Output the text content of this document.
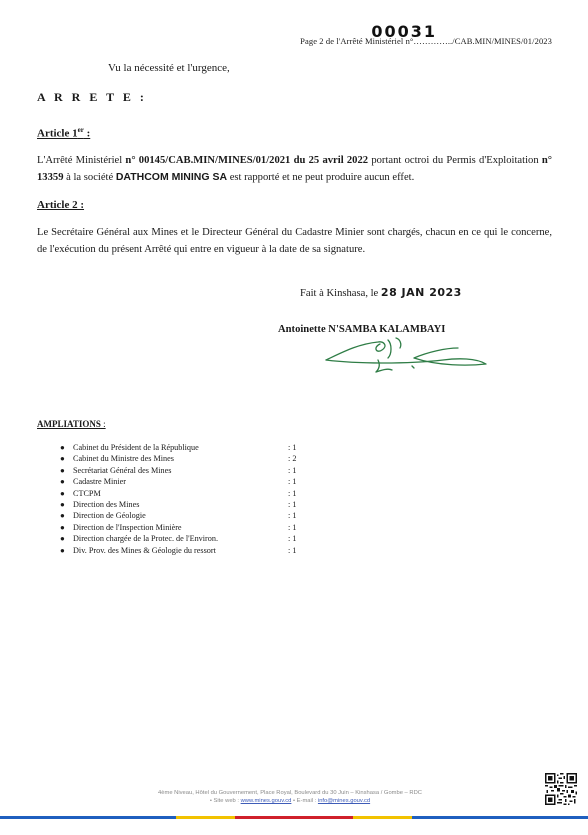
00031
Page 2 de l'Arrêté Ministériel n°…………../CAB.MIN/MINES/01/2023
Vu la nécessité et l'urgence,
A R R E T E :
Article 1er :
L'Arrêté Ministériel n° 00145/CAB.MIN/MINES/01/2021 du 25 avril 2022 portant octroi du Permis d'Exploitation n° 13359 à la société DATHCOM MINING SA est rapporté et ne peut produire aucun effet.
Article 2 :
Le Secrétaire Général aux Mines et le Directeur Général du Cadastre Minier sont chargés, chacun en ce qui le concerne, de l'exécution du présent Arrêté qui entre en vigueur à la date de sa signature.
Fait à Kinshasa, le 28 JAN 2023
Antoinette N'SAMBA KALAMBAYI
AMPLIATIONS :
● Cabinet du Président de la République	: 1
● Cabinet du Ministre des Mines	: 2
● Secrétariat Général des Mines	: 1
● Cadastre Minier	: 1
● CTCPM	: 1
● Direction des Mines	: 1
● Direction de Géologie	: 1
● Direction de l'Inspection Minière	: 1
● Direction chargée de la Protec. de l'Environ.	: 1
● Div. Prov. des Mines & Géologie du ressort	: 1
4ème Niveau, Hôtel du Gouvernement, Place Royal, Boulevard du 30 Juin – Kinshasa / Gombe – RDC
• Site web : www.mines.gouv.cd • E-mail : info@mines.gouv.cd
